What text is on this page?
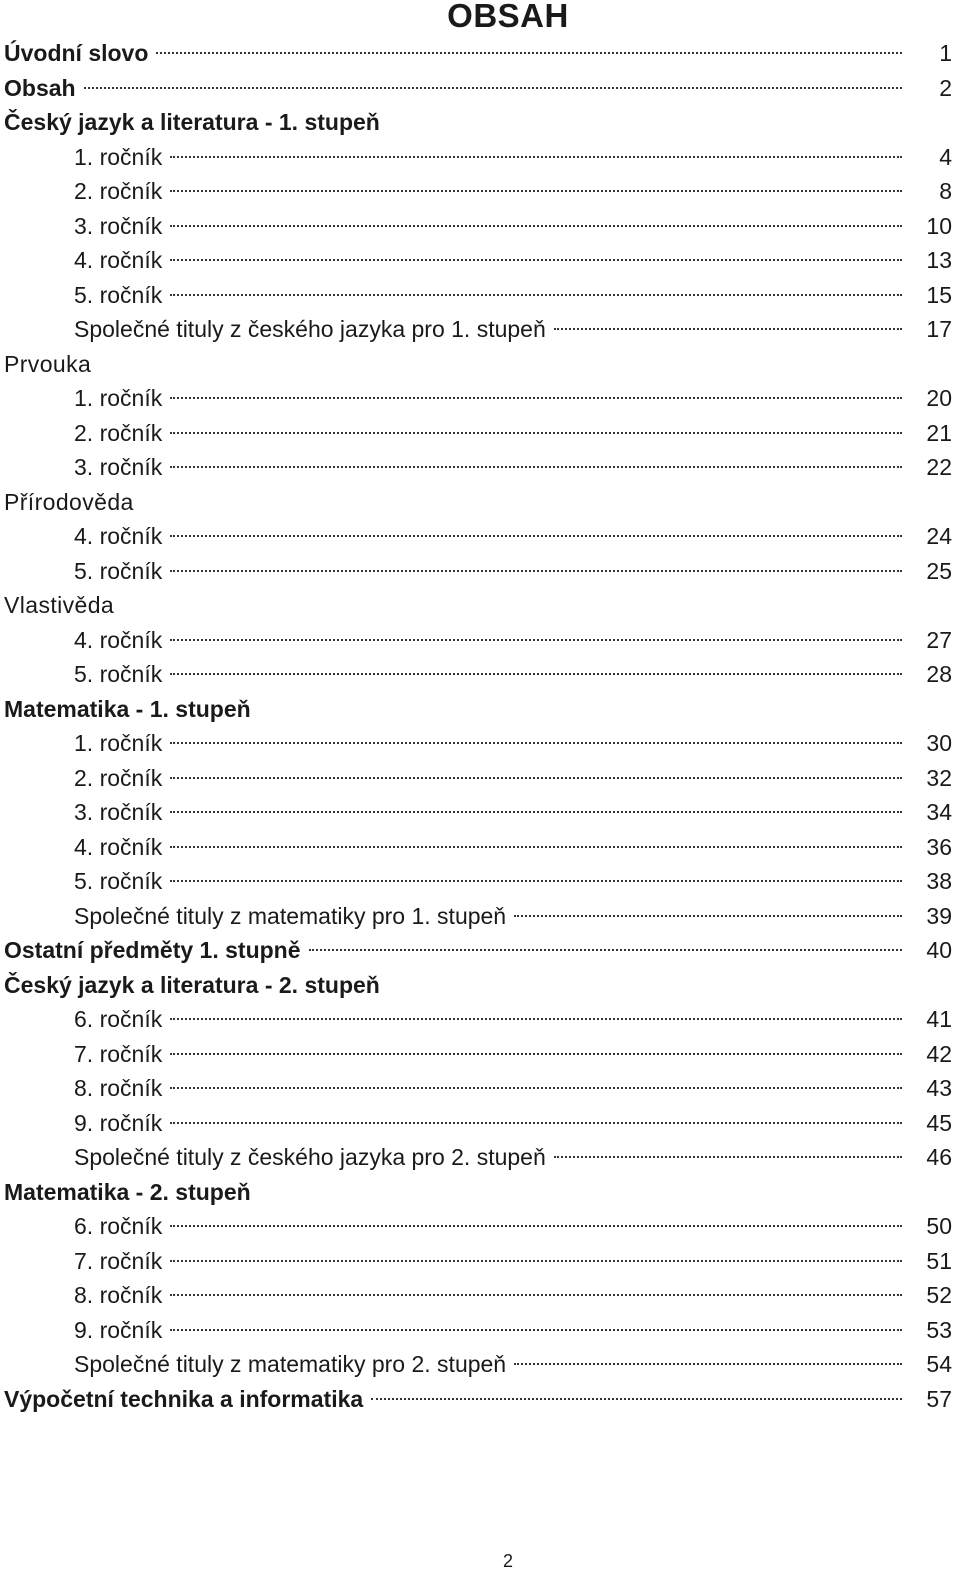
OBSAH
Úvodní slovo	1
Obsah	2
Český jazyk a literatura - 1. stupeň
1. ročník	4
2. ročník	8
3. ročník	10
4. ročník	13
5. ročník	15
Společné tituly z českého jazyka pro 1. stupeň	17
Prvouka
1. ročník	20
2. ročník	21
3. ročník	22
Přírodověda
4. ročník	24
5. ročník	25
Vlastivěda
4. ročník	27
5. ročník	28
Matematika - 1. stupeň
1. ročník	30
2. ročník	32
3. ročník	34
4. ročník	36
5. ročník	38
Společné tituly z matematiky pro 1. stupeň	39
Ostatní předměty 1. stupně	40
Český jazyk a literatura - 2. stupeň
6. ročník	41
7. ročník	42
8. ročník	43
9. ročník	45
Společné tituly z českého jazyka pro 2. stupeň	46
Matematika - 2. stupeň
6. ročník	50
7. ročník	51
8. ročník	52
9. ročník	53
Společné tituly z matematiky pro 2. stupeň	54
Výpočetní technika a informatika	57

2
